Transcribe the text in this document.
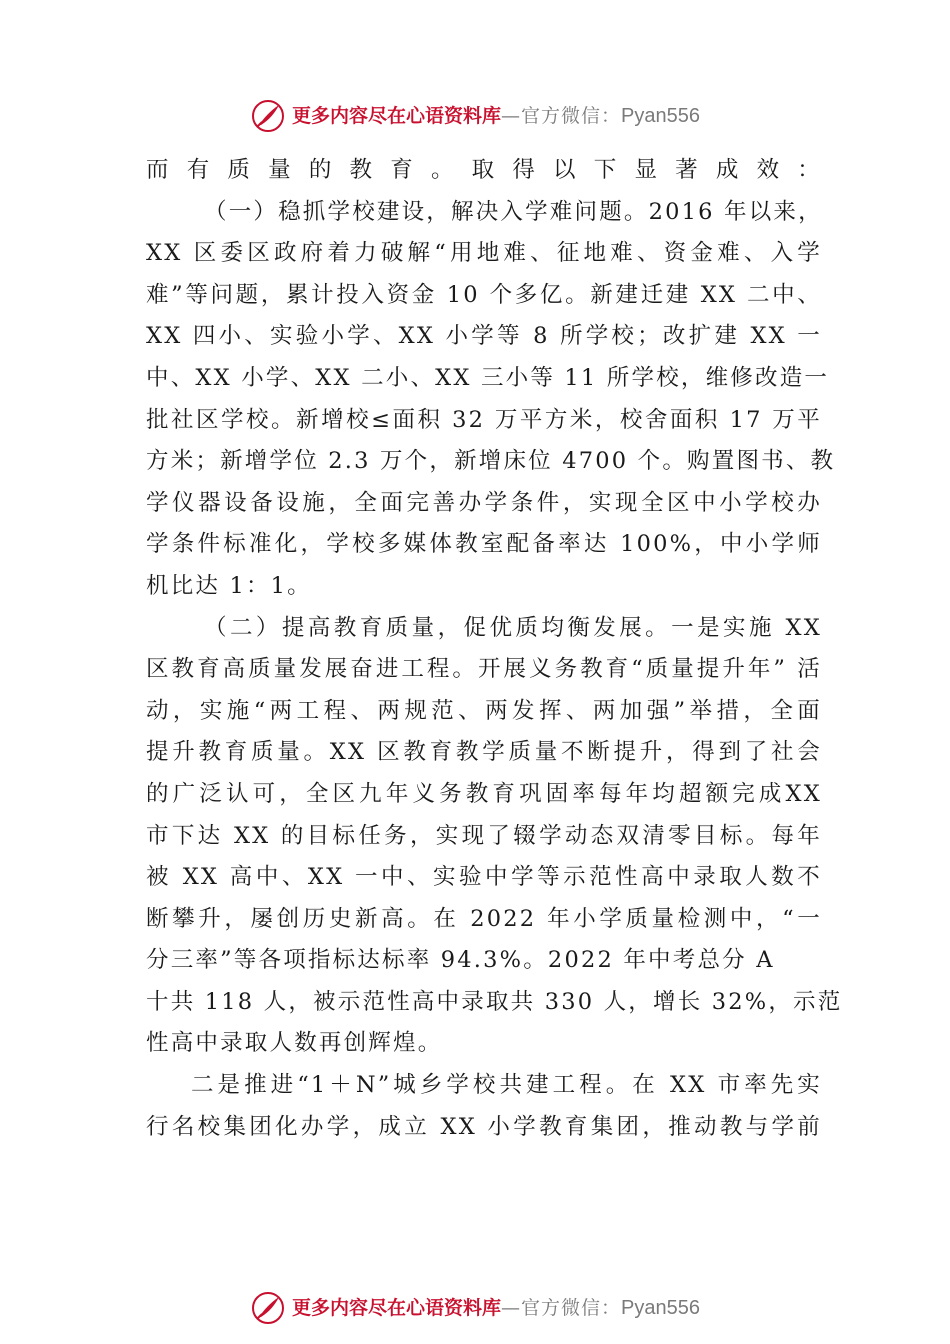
更多内容尽在心语资料库 —官方微信： Pyan556
而有质量的教育。取得以下显著成效：
（一）稳抓学校建设，解决入学难问题。2016 年以来，
XX 区委区政府着力破解“用地难、征地难、资金难、入学
难”等问题，累计投入资金 10 个多亿。新建迁建 XX 二中、
XX 四小、实验小学、XX 小学等 8 所学校；改扩建 XX 一
中、XX 小学、XX 二小、XX 三小等 11 所学校，维修改造一
批社区学校。新增校≤面积 32 万平方米，校舍面积 17 万平
方米；新增学位 2.3 万个，新增床位 4700 个。购置图书、教
学仪器设备设施，全面完善办学条件，实现全区中小学校办
学条件标准化，学校多媒体教室配备率达 100%，中小学师
机比达 1：1。
（二）提高教育质量，促优质均衡发展。一是实施 XX
区教育高质量发展奋进工程。开展义务教育“质量提升年” 活
动，实施“两工程、两规范、两发挥、两加强”举措，全面
提升教育质量。XX 区教育教学质量不断提升，得到了社会
的广泛认可，全区九年义务教育巩固率每年均超额完成XX
市下达 XX 的目标任务，实现了辍学动态双清零目标。每年
被 XX 高中、XX 一中、实验中学等示范性高中录取人数不
断攀升，屡创历史新高。在 2022 年小学质量检测中，“一
分三率”等各项指标达标率 94.3%。2022 年中考总分 A
十共 118 人，被示范性高中录取共 330 人，增长 32%，示范
性高中录取人数再创辉煌。
二是推进“1＋N”城乡学校共建工程。在 XX 市率先实
行名校集团化办学，成立 XX 小学教育集团，推动教与学前
更多内容尽在心语资料库 —官方微信： Pyan556
